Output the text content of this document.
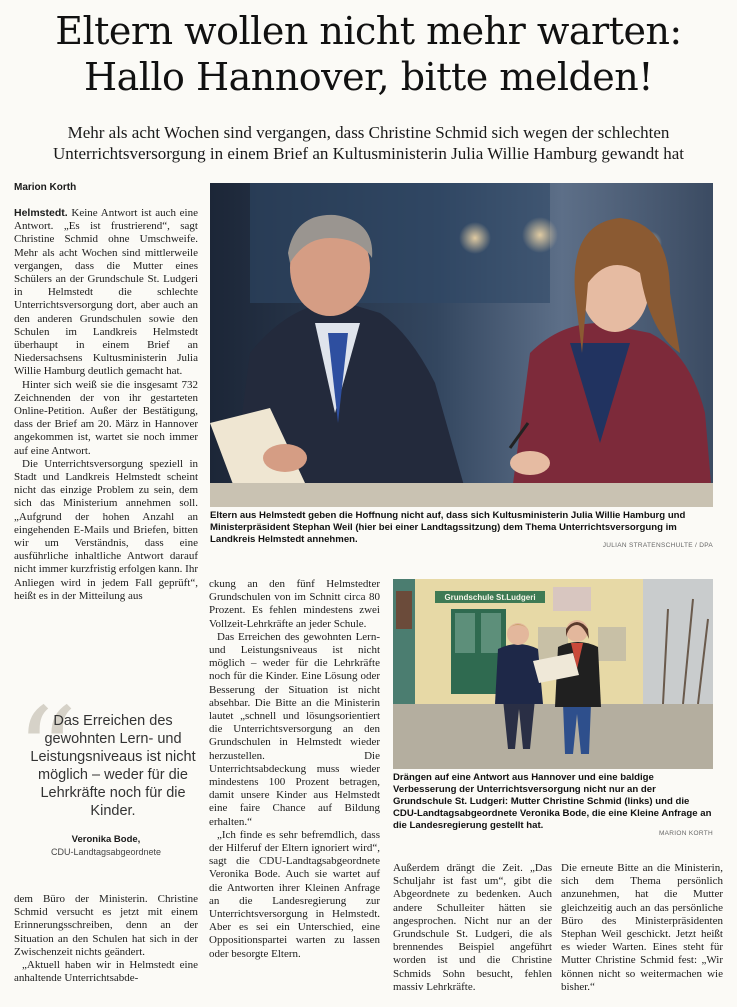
Eltern wollen nicht mehr warten:
Hallo Hannover, bitte melden!
Mehr als acht Wochen sind vergangen, dass Christine Schmid sich wegen der schlechten
Unterrichtsversorgung in einem Brief an Kultusministerin Julia Willie Hamburg gewandt hat
Marion Korth

Helmstedt. Keine Antwort ist auch eine Antwort. „Es ist frustrierend“, sagt Christine Schmid ohne Umschweife. Mehr als acht Wochen sind mittlerweile vergangen, dass die Mutter eines Schülers an der Grundschule St. Ludgeri in Helmstedt die schlechte Unterrichtsversorgung dort, aber auch an den anderen Grundschulen sowie den Schulen im Landkreis Helmstedt überhaupt in einem Brief an Niedersachsens Kultusministerin Julia Willie Hamburg deutlich gemacht hat.

Hinter sich weiß sie die insgesamt 732 Zeichnenden der von ihr gestarteten Online-Petition. Außer der Bestätigung, dass der Brief am 20. März in Hannover angekommen ist, wartet sie noch immer auf eine Antwort.

Die Unterrichtsversorgung speziell in Stadt und Landkreis Helmstedt scheint nicht das einzige Problem zu sein, dem sich das Ministerium annehmen soll. „Aufgrund der hohen Anzahl an eingehenden E-Mails und Briefen, bitten wir um Verständnis, dass eine ausführliche inhaltliche Antwort darauf nicht immer kurzfristig erfolgen kann. Ihr Anliegen wird in jedem Fall geprüft“, heißt es in der Mitteilung aus

“
Das Erreichen des gewohnten Lern- und Leistungsniveaus ist nicht möglich – weder für die Lehrkräfte noch für die Kinder.
Veronika Bode,
CDU-Landtagsabgeordnete

dem Büro der Ministerin. Christine Schmid versucht es jetzt mit einem Erinnerungsschreiben, denn an der Situation an den Schulen hat sich in der Zwischenzeit nichts geändert.

„Aktuell haben wir in Helmstedt eine anhaltende Unterrichtsabde-

Eltern aus Helmstedt geben die Hoffnung nicht auf, dass sich Kultusministerin Julia Willie Hamburg und Ministerpräsident Stephan Weil (hier bei einer Landtagssitzung) dem Thema Unterrichtsversorgung im Landkreis Helmstedt annehmen.
JULIAN STRATENSCHULTE / DPA

ckung an den fünf Helmstedter Grundschulen von im Schnitt circa 80 Prozent. Es fehlen mindestens zwei Vollzeit-Lehrkräfte an jeder Schule.

Das Erreichen des gewohnten Lern- und Leistungsniveaus ist nicht möglich – weder für die Lehrkräfte noch für die Kinder. Eine Lösung oder Besserung der Situation ist nicht absehbar. Die Bitte an die Ministerin lautet „schnell und lösungsorientiert die Unterrichtsversorgung an den Grundschulen in Helmstedt wieder herzustellen. Die Unterrichtsabdeckung muss wieder mindestens 100 Prozent betragen, damit unsere Kinder aus Helmstedt eine faire Chance auf Bildung erhalten.“

„Ich finde es sehr befremdlich, dass der Hilferuf der Eltern ignoriert wird“, sagt die CDU-Landtagsabgeordnete Veronika Bode. Auch sie wartet auf die Antworten ihrer Kleinen Anfrage an die Landesregierung zur Unterrichtsversorgung in Helmstedt. Aber es sei ein Unterschied, eine Oppositionspartei warten zu lassen oder besorgte Eltern.

Grundschule St.Ludgeri
Drängen auf eine Antwort aus Hannover und eine baldige Verbesserung der Unterrichtsversorgung nicht nur an der Grundschule St. Ludgeri: Mutter Christine Schmid (links) und die CDU-Landtagsabgeordnete Veronika Bode, die eine Kleine Anfrage an die Landesregierung gestellt hat.
MARION KORTH

Außerdem drängt die Zeit. „Das Schuljahr ist fast um“, gibt die Abgeordnete zu bedenken. Auch andere Schulleiter hätten sie angesprochen. Nicht nur an der Grundschule St. Ludgeri, die als brennendes Beispiel angeführt worden ist und die Christine Schmids Sohn besucht, fehlen massiv Lehrkräfte.

Die erneute Bitte an die Ministerin, sich dem Thema persönlich anzunehmen, hat die Mutter gleichzeitig auch an das persönliche Büro des Ministerpräsidenten Stephan Weil geschickt. Jetzt heißt es wieder Warten. Eines steht für Mutter Christine Schmid fest: „Wir können nicht so weitermachen wie bisher.“
